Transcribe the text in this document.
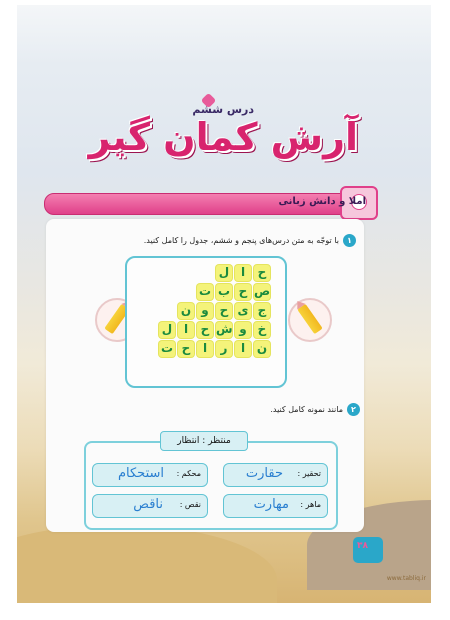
درس ششم
آرش کمان گیر
املا و دانش زبانی
۱
با توجّه به متن درس‌های پنجم و ششم، جدول را کامل کنید.
ح
ا
ل
ص
ح
ب
ت
ج
ی
ح
و
ن
خ
و
ش
ح
ا
ل
ن
ا
ر
ا
ح
ت
۲
مانند نمونه کامل کنید.
منتظر : انتظار
تحقیر :
حقارت
محکم :
استحکام
ماهر :
مهارت
نقص :
ناقص
۳۸
www.tabliq.ir
